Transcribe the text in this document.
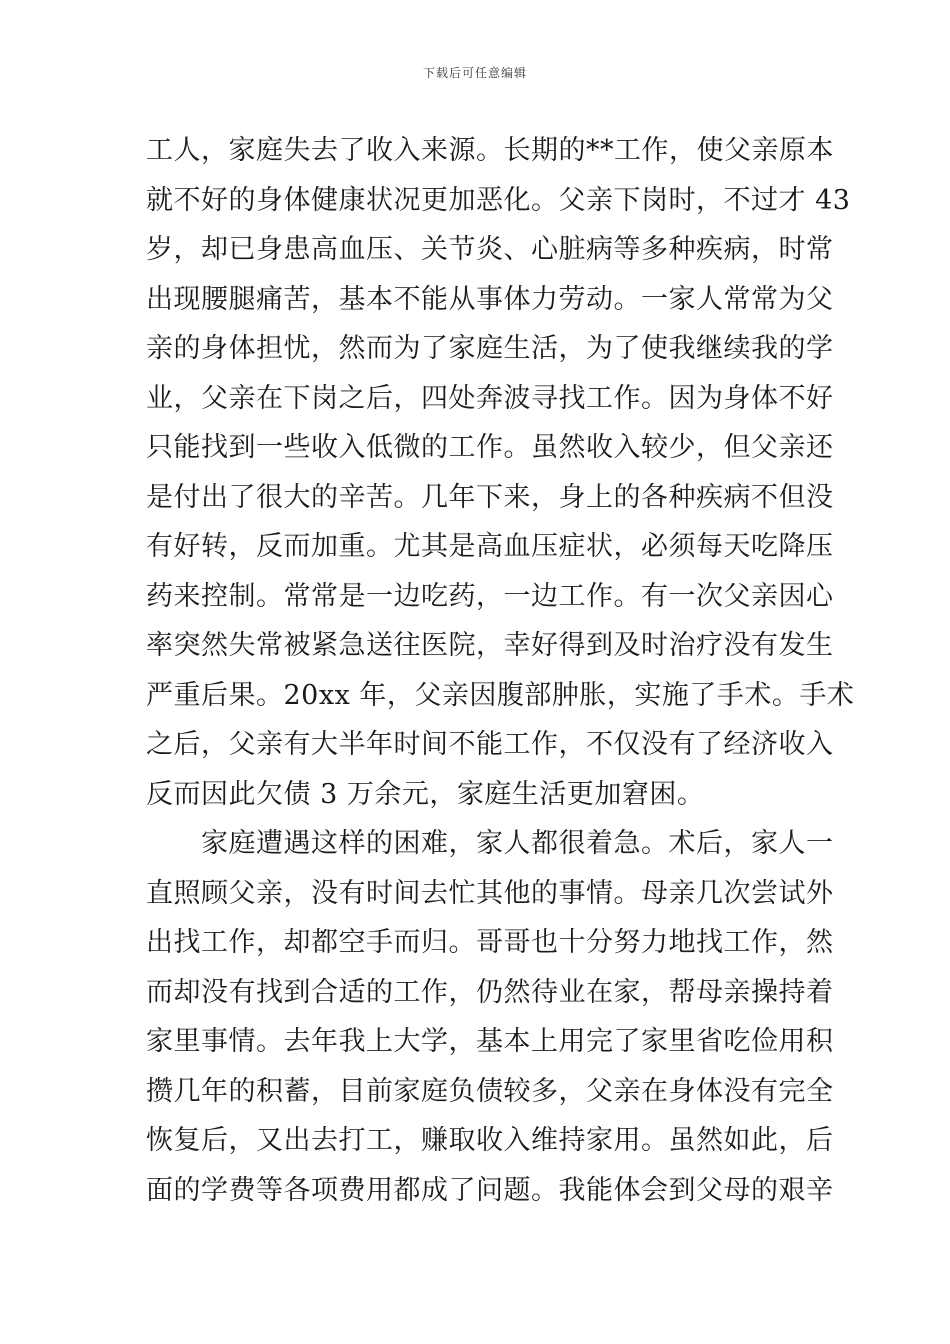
下载后可任意编辑
工人，家庭失去了收入来源。长期的**工作，使父亲原本
就不好的身体健康状况更加恶化。父亲下岗时，不过才 43
岁，却已身患高血压、关节炎、心脏病等多种疾病，时常
出现腰腿痛苦，基本不能从事体力劳动。一家人常常为父
亲的身体担忧，然而为了家庭生活，为了使我继续我的学
业，父亲在下岗之后，四处奔波寻找工作。因为身体不好
只能找到一些收入低微的工作。虽然收入较少，但父亲还
是付出了很大的辛苦。几年下来，身上的各种疾病不但没
有好转，反而加重。尤其是高血压症状，必须每天吃降压
药来控制。常常是一边吃药，一边工作。有一次父亲因心
率突然失常被紧急送往医院，幸好得到及时治疗没有发生
严重后果。20xx 年，父亲因腹部肿胀，实施了手术。手术
之后，父亲有大半年时间不能工作，不仅没有了经济收入
反而因此欠债 3 万余元，家庭生活更加窘困。
　　家庭遭遇这样的困难，家人都很着急。术后，家人一
直照顾父亲，没有时间去忙其他的事情。母亲几次尝试外
出找工作，却都空手而归。哥哥也十分努力地找工作，然
而却没有找到合适的工作，仍然待业在家，帮母亲操持着
家里事情。去年我上大学，基本上用完了家里省吃俭用积
攒几年的积蓄，目前家庭负债较多，父亲在身体没有完全
恢复后，又出去打工，赚取收入维持家用。虽然如此，后
面的学费等各项费用都成了问题。我能体会到父母的艰辛
